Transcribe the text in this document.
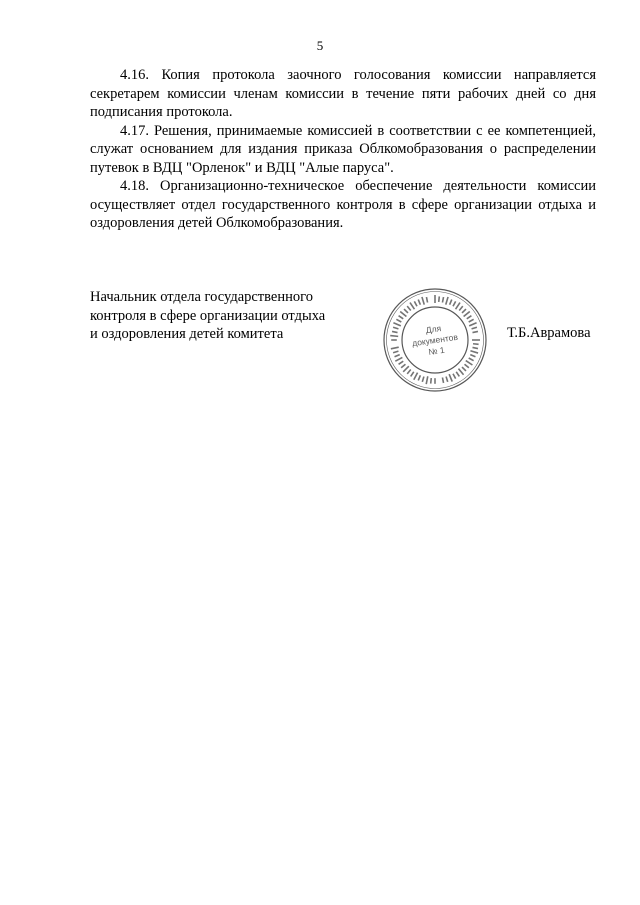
5

4.16. Копия протокола заочного голосования комиссии направляется секретарем комиссии членам комиссии в течение пяти рабочих дней со дня подписания протокола.

4.17. Решения, принимаемые комиссией в соответствии с ее компетенцией, служат основанием для издания приказа Облкомобразования о распределении путевок в ВДЦ "Орленок" и ВДЦ "Алые паруса".

4.18. Организационно-техническое обеспечение деятельности комиссии осуществляет отдел государственного контроля в сфере организации отдыха и оздоровления детей Облкомобразования.

Начальник отдела государственного
контроля в сфере организации отдыха
и оздоровления детей комитета	Для
документов
№ 1
Т.Б.Аврамова
